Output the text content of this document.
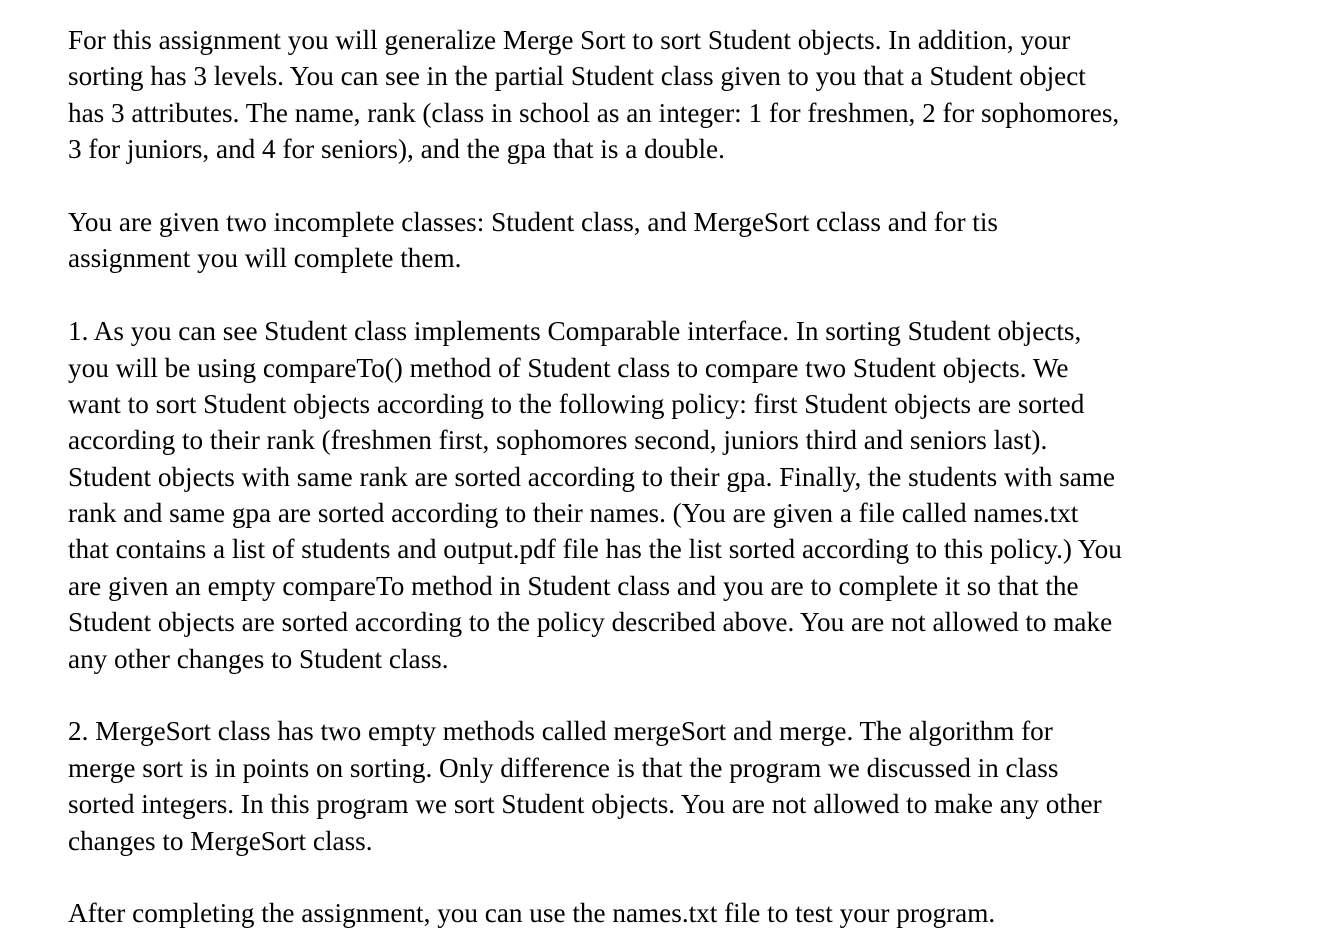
For this assignment you will generalize Merge Sort to sort Student objects. In addition, your
sorting has 3 levels. You can see in the partial Student class given to you that a Student object
has 3 attributes. The name, rank (class in school as an integer: 1 for freshmen, 2 for sophomores,
3 for juniors, and 4 for seniors), and the gpa that is a double.

You are given two incomplete classes: Student class, and MergeSort cclass and for tis
assignment you will complete them.

1. As you can see Student class implements Comparable interface. In sorting Student objects,
you will be using compareTo() method of Student class to compare two Student objects. We
want to sort Student objects according to the following policy: first Student objects are sorted
according to their rank (freshmen first, sophomores second, juniors third and seniors last).
Student objects with same rank are sorted according to their gpa. Finally, the students with same
rank and same gpa are sorted according to their names. (You are given a file called names.txt
that contains a list of students and output.pdf file has the list sorted according to this policy.) You
are given an empty compareTo method in Student class and you are to complete it so that the
Student objects are sorted according to the policy described above. You are not allowed to make
any other changes to Student class.

2. MergeSort class has two empty methods called mergeSort and merge. The algorithm for
merge sort is in points on sorting. Only difference is that the program we discussed in class
sorted integers. In this program we sort Student objects. You are not allowed to make any other
changes to MergeSort class.

After completing the assignment, you can use the names.txt file to test your program.
